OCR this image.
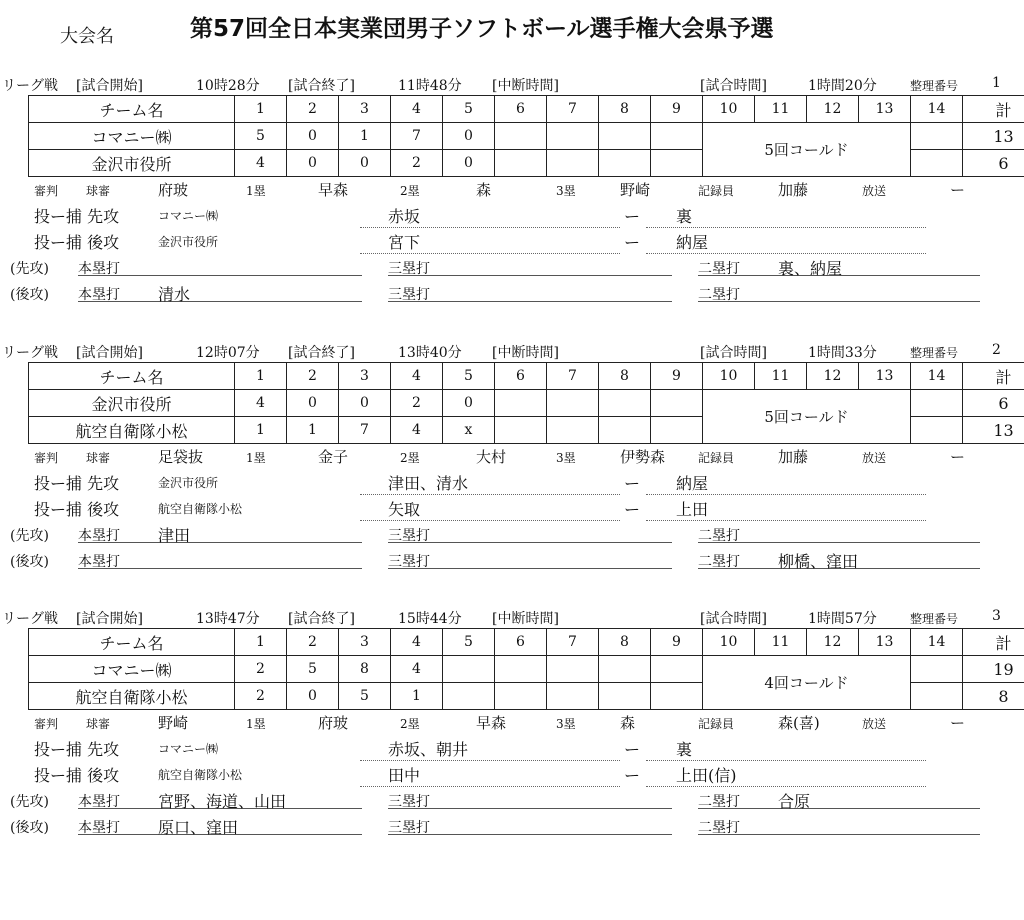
大会名	第57回全日本実業団男子ソフトボール選手権大会県予選
リーグ戦 [試合開始]	10時28分 [試合終了]	11時48分 [中断時間]	[試合時間]	1時間20分	整理番号 1
チーム名	1	2	3	4	5	6	7	8	9	10	11	12	13	14	計
コマニー㈱	5	0	1	7	0					5回コールド					13
金沢市役所	4	0	0	2	0										6
審判 球審	府玻	1塁	早森	2塁	森	3塁	野崎	記録員	加藤	放送	ー
投ー捕 先攻	コマニー㈱	赤坂	ー	裏
投ー捕 後攻	金沢市役所	宮下	ー	納屋
(先攻) 本塁打	三塁打	二塁打	裏、納屋
(後攻) 本塁打	清水	三塁打	二塁打
リーグ戦 [試合開始]	12時07分 [試合終了]	13時40分 [中断時間]	[試合時間]	1時間33分	整理番号 2
チーム名	1	2	3	4	5	6	7	8	9	10	11	12	13	14	計
金沢市役所	4	0	0	2	0					5回コールド					6
航空自衛隊小松	1	1	7	4	x										13
審判 球審	足袋抜	1塁	金子	2塁	大村	3塁	伊勢森	記録員	加藤	放送	ー
投ー捕 先攻	金沢市役所	津田、清水	ー	納屋
投ー捕 後攻	航空自衛隊小松	矢取	ー	上田
(先攻) 本塁打	津田	三塁打	二塁打
(後攻) 本塁打	三塁打	二塁打	柳橋、窪田
リーグ戦 [試合開始]	13時47分 [試合終了]	15時44分 [中断時間]	[試合時間]	1時間57分	整理番号 3
チーム名	1	2	3	4	5	6	7	8	9	10	11	12	13	14	計
コマニー㈱	2	5	8	4						4回コールド					19
航空自衛隊小松	2	0	5	1											8
審判 球審	野崎	1塁	府玻	2塁	早森	3塁	森	記録員	森(喜)	放送	ー
投ー捕 先攻	コマニー㈱	赤坂、朝井	ー	裏
投ー捕 後攻	航空自衛隊小松	田中	ー	上田(信)
(先攻) 本塁打	宮野、海道、山田	三塁打	二塁打	合原
(後攻) 本塁打	原口、窪田	三塁打	二塁打
